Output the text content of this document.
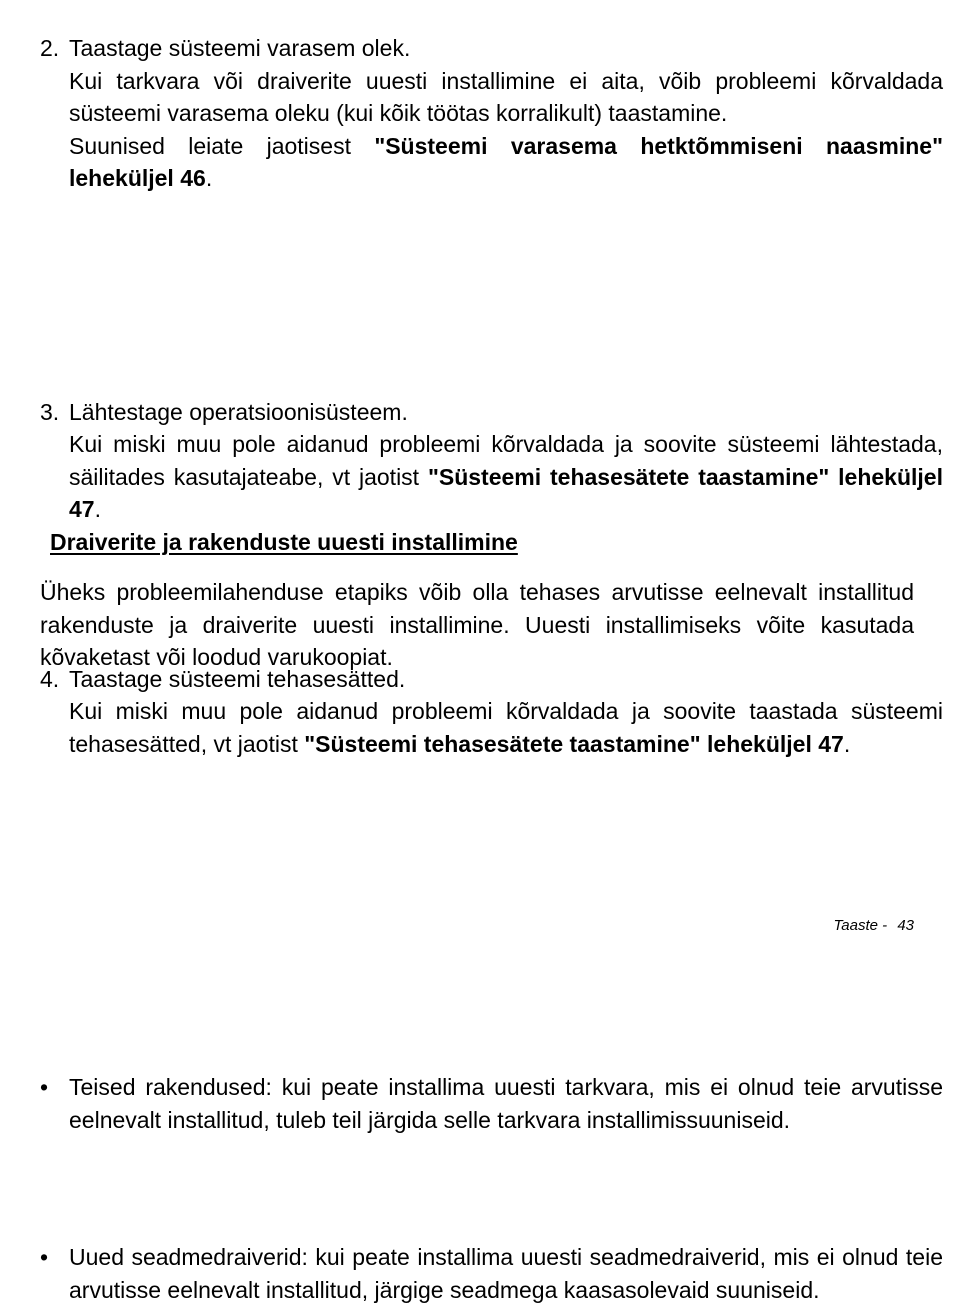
2. Taastage süsteemi varasem olek.

Kui tarkvara või draiverite uuesti installimine ei aita, võib probleemi kõrvaldada süsteemi varasema oleku (kui kõik töötas korralikult) taastamine.

Suunised leiate jaotisest "Süsteemi varasema hetktõmmiseni naasmine" leheküljel 46.

3. Lähtestage operatsioonisüsteem.

Kui miski muu pole aidanud probleemi kõrvaldada ja soovite süsteemi lähtestada, säilitades kasutajateabe, vt jaotist "Süsteemi tehasesätete taastamine" leheküljel 47.

4. Taastage süsteemi tehasesätted.

Kui miski muu pole aidanud probleemi kõrvaldada ja soovite taastada süsteemi tehasesätted, vt jaotist "Süsteemi tehasesätete taastamine" leheküljel 47.

Draiverite ja rakenduste uuesti installimine

Üheks probleemilahenduse etapiks võib olla tehases arvutisse eelnevalt installitud rakenduste ja draiverite uuesti installimine. Uuesti installimiseks võite kasutada kõvaketast või loodud varukoopiat.

• Teised rakendused: kui peate installima uuesti tarkvara, mis ei olnud teie arvutisse eelnevalt installitud, tuleb teil järgida selle tarkvara installimissuuniseid.

• Uued seadmedraiverid: kui peate installima uuesti seadmedraiverid, mis ei olnud teie arvutisse eelnevalt installitud, järgige seadmega kaasasolevaid suuniseid.

Taaste - 43
